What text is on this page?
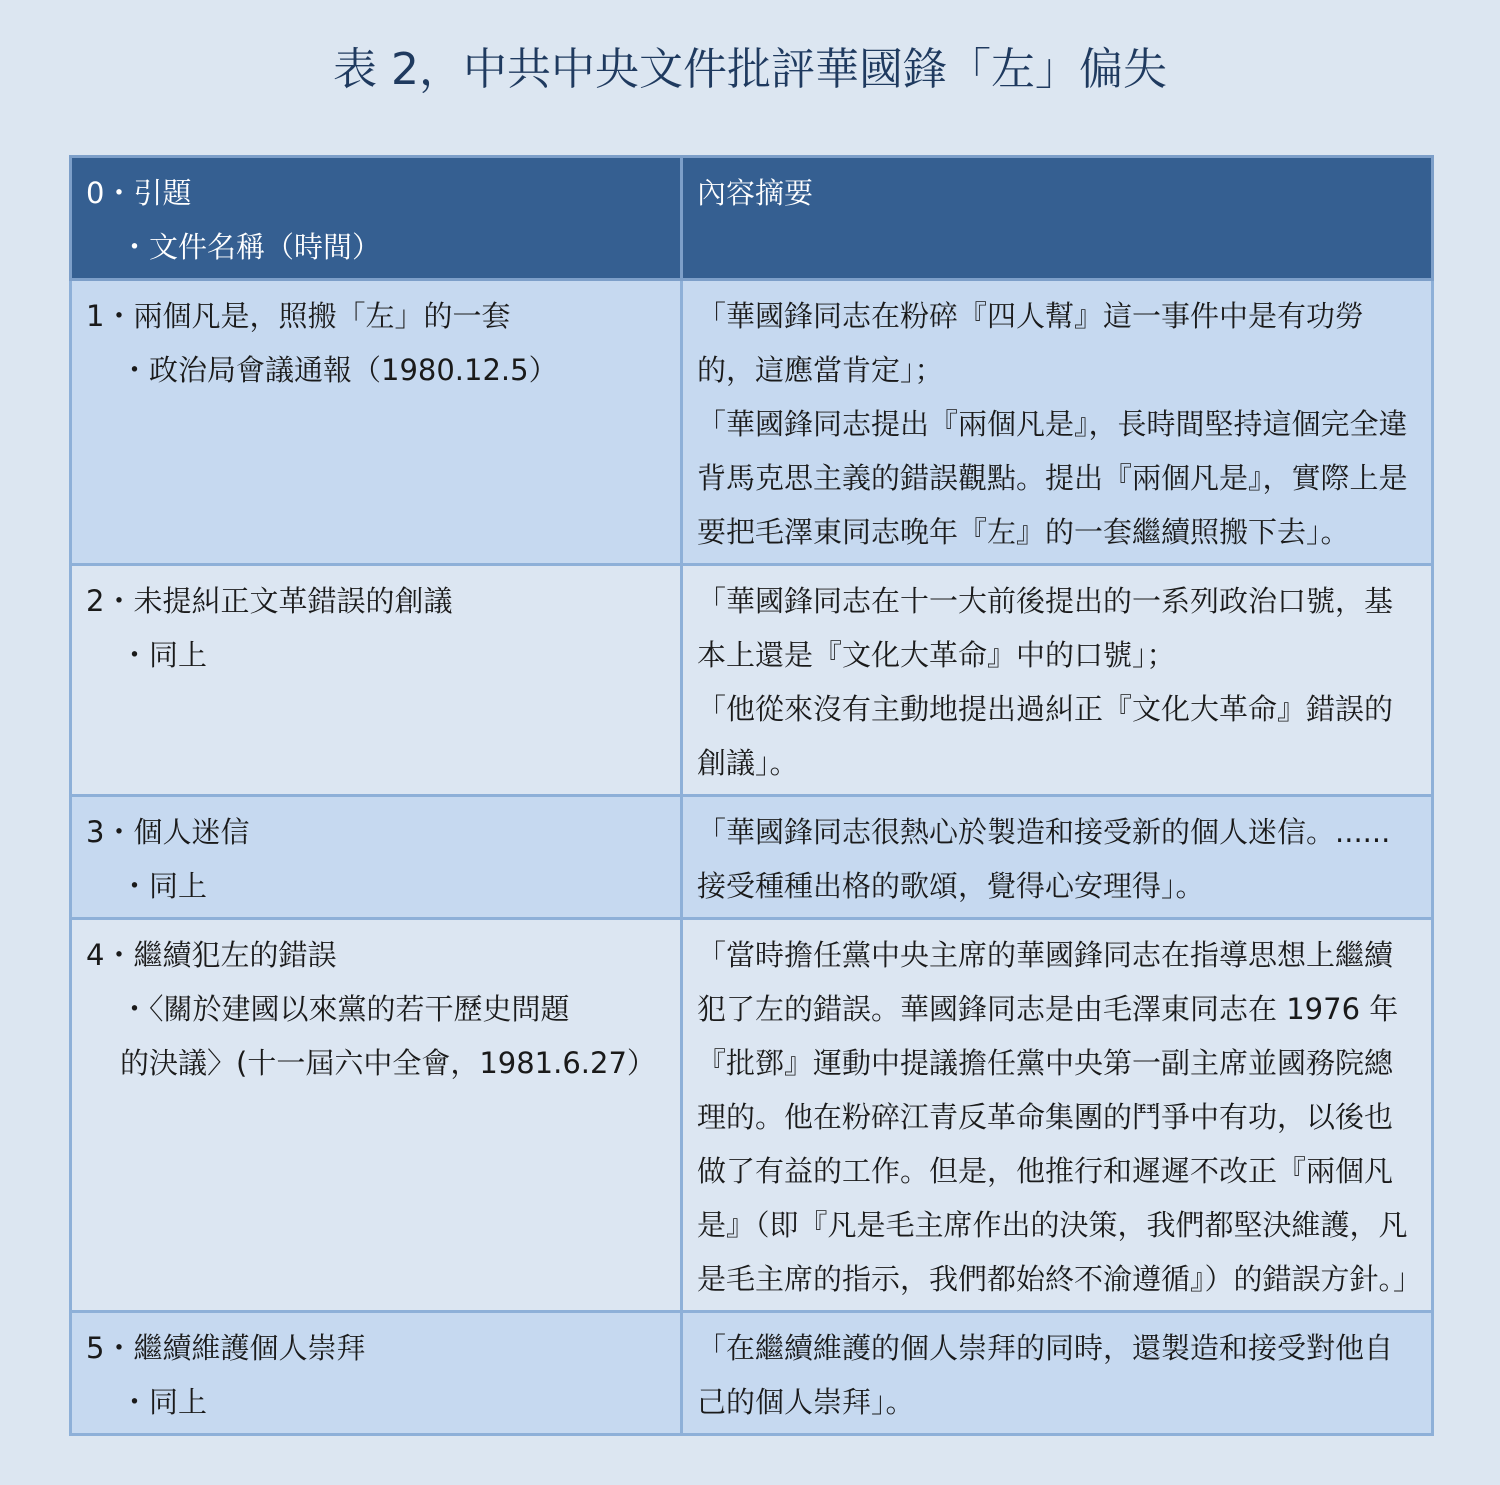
表 2，中共中央文件批評華國鋒「左」偏失
0・引題
・文件名稱（時間）	內容摘要

1・兩個凡是，照搬「左」的一套
・政治局會議通報（1980.12.5）	「華國鋒同志在粉碎『四人幫』這一事件中是有功勞的，這應當肯定」；
「華國鋒同志提出『兩個凡是』，長時間堅持這個完全違背馬克思主義的錯誤觀點。提出『兩個凡是』，實際上是要把毛澤東同志晚年『左』的一套繼續照搬下去」。

2・未提糾正文革錯誤的創議
・同上	「華國鋒同志在十一大前後提出的一系列政治口號，基本上還是『文化大革命』中的口號」；
「他從來沒有主動地提出過糾正『文化大革命』錯誤的創議」。

3・個人迷信
・同上	「華國鋒同志很熱心於製造和接受新的個人迷信。......接受種種出格的歌頌，覺得心安理得」。

4・繼續犯左的錯誤
・〈關於建國以來黨的若干歷史問題
的決議〉(十一屆六中全會，1981.6.27）	「當時擔任黨中央主席的華國鋒同志在指導思想上繼續犯了左的錯誤。華國鋒同志是由毛澤東同志在 1976 年『批鄧』運動中提議擔任黨中央第一副主席並國務院總理的。他在粉碎江青反革命集團的鬥爭中有功，以後也做了有益的工作。但是，他推行和遲遲不改正『兩個凡是』（即『凡是毛主席作出的決策，我們都堅決維護，凡是毛主席的指示，我們都始終不渝遵循』）的錯誤方針。」

5・繼續維護個人崇拜
・同上	「在繼續維護的個人崇拜的同時，還製造和接受對他自己的個人崇拜」。
